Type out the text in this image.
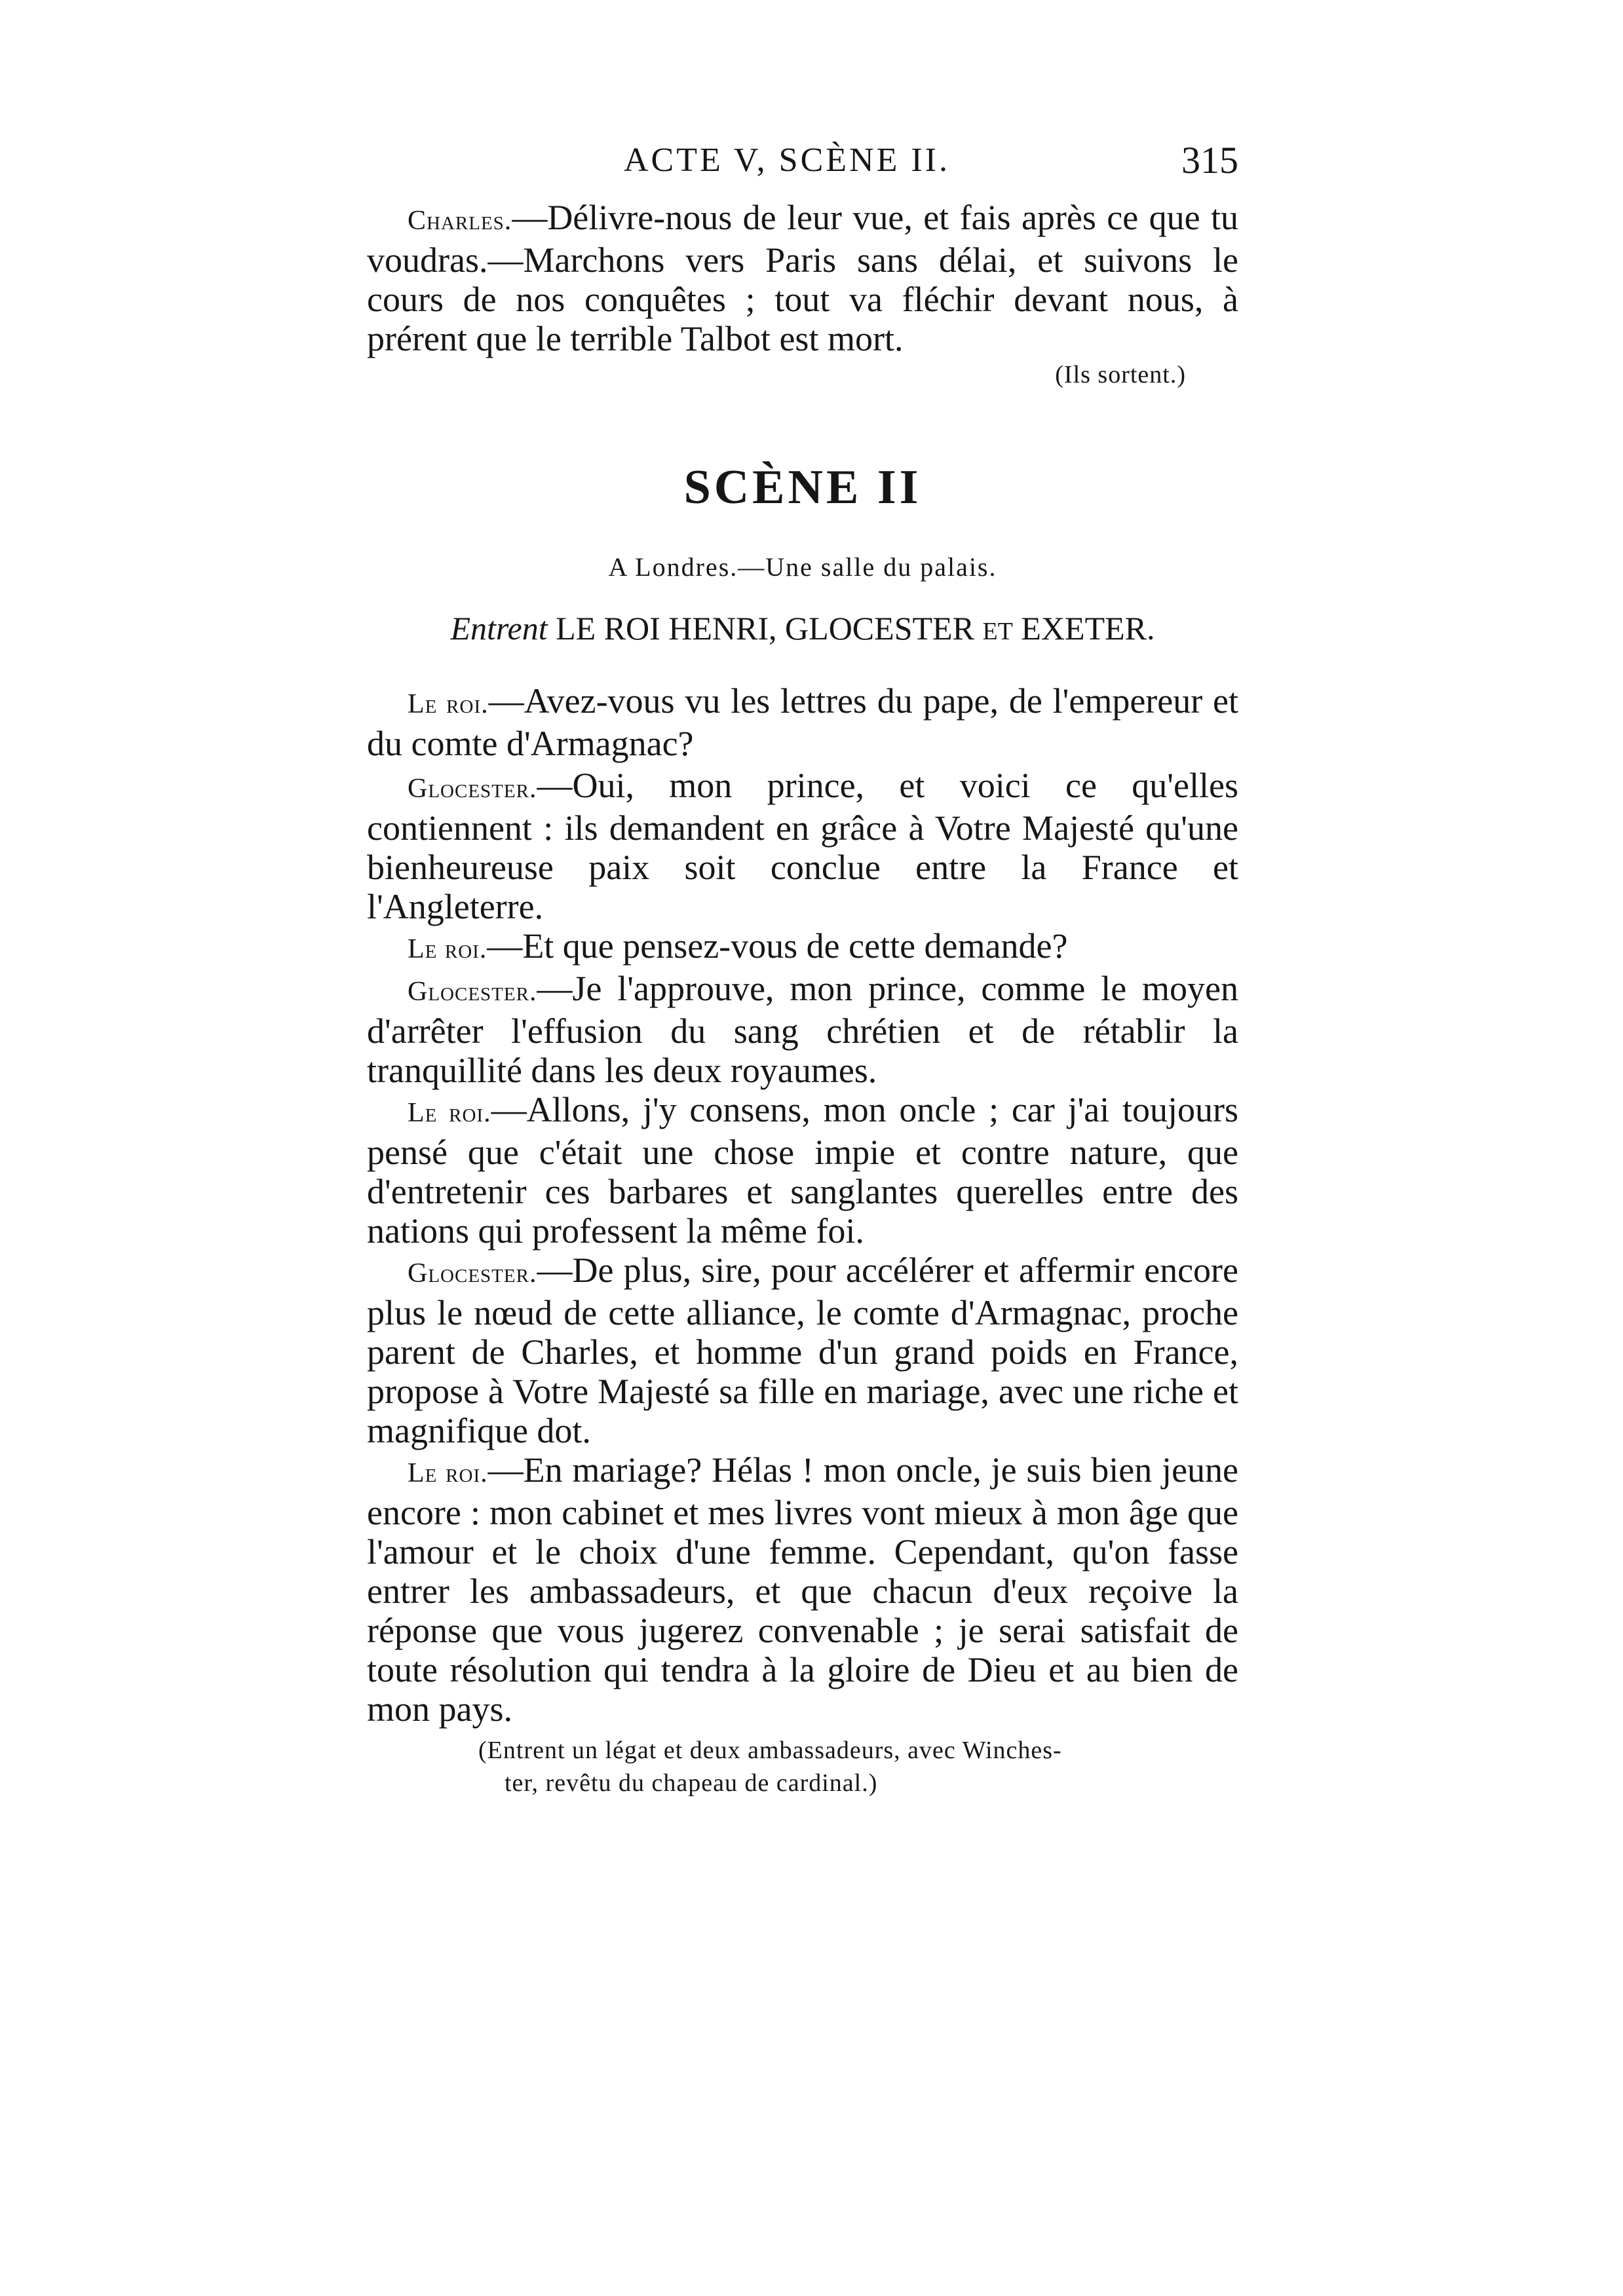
ACTE V, SCÈNE II.	315

Charles.—Délivre-nous de leur vue, et fais après ce que tu voudras.—Marchons vers Paris sans délai, et suivons le cours de nos conquêtes ; tout va fléchir devant nous, à prérent que le terrible Talbot est mort.

(Ils sortent.)

SCÈNE II

A Londres.—Une salle du palais.

Entrent LE ROI HENRI, GLOCESTER ET EXETER.

Le roi.—Avez-vous vu les lettres du pape, de l'empereur et du comte d'Armagnac?

Glocester.—Oui, mon prince, et voici ce qu'elles contiennent : ils demandent en grâce à Votre Majesté qu'une bienheureuse paix soit conclue entre la France et l'Angleterre.

Le roi.—Et que pensez-vous de cette demande?

Glocester.—Je l'approuve, mon prince, comme le moyen d'arrêter l'effusion du sang chrétien et de rétablir la tranquillité dans les deux royaumes.

Le roi.—Allons, j'y consens, mon oncle ; car j'ai toujours pensé que c'était une chose impie et contre nature, que d'entretenir ces barbares et sanglantes querelles entre des nations qui professent la même foi.

Glocester.—De plus, sire, pour accélérer et affermir encore plus le nœud de cette alliance, le comte d'Armagnac, proche parent de Charles, et homme d'un grand poids en France, propose à Votre Majesté sa fille en mariage, avec une riche et magnifique dot.

Le roi.—En mariage? Hélas ! mon oncle, je suis bien jeune encore : mon cabinet et mes livres vont mieux à mon âge que l'amour et le choix d'une femme. Cependant, qu'on fasse entrer les ambassadeurs, et que chacun d'eux reçoive la réponse que vous jugerez convenable ; je serai satisfait de toute résolution qui tendra à la gloire de Dieu et au bien de mon pays.

(Entrent un légat et deux ambassadeurs, avec Winches-
ter, revêtu du chapeau de cardinal.)
